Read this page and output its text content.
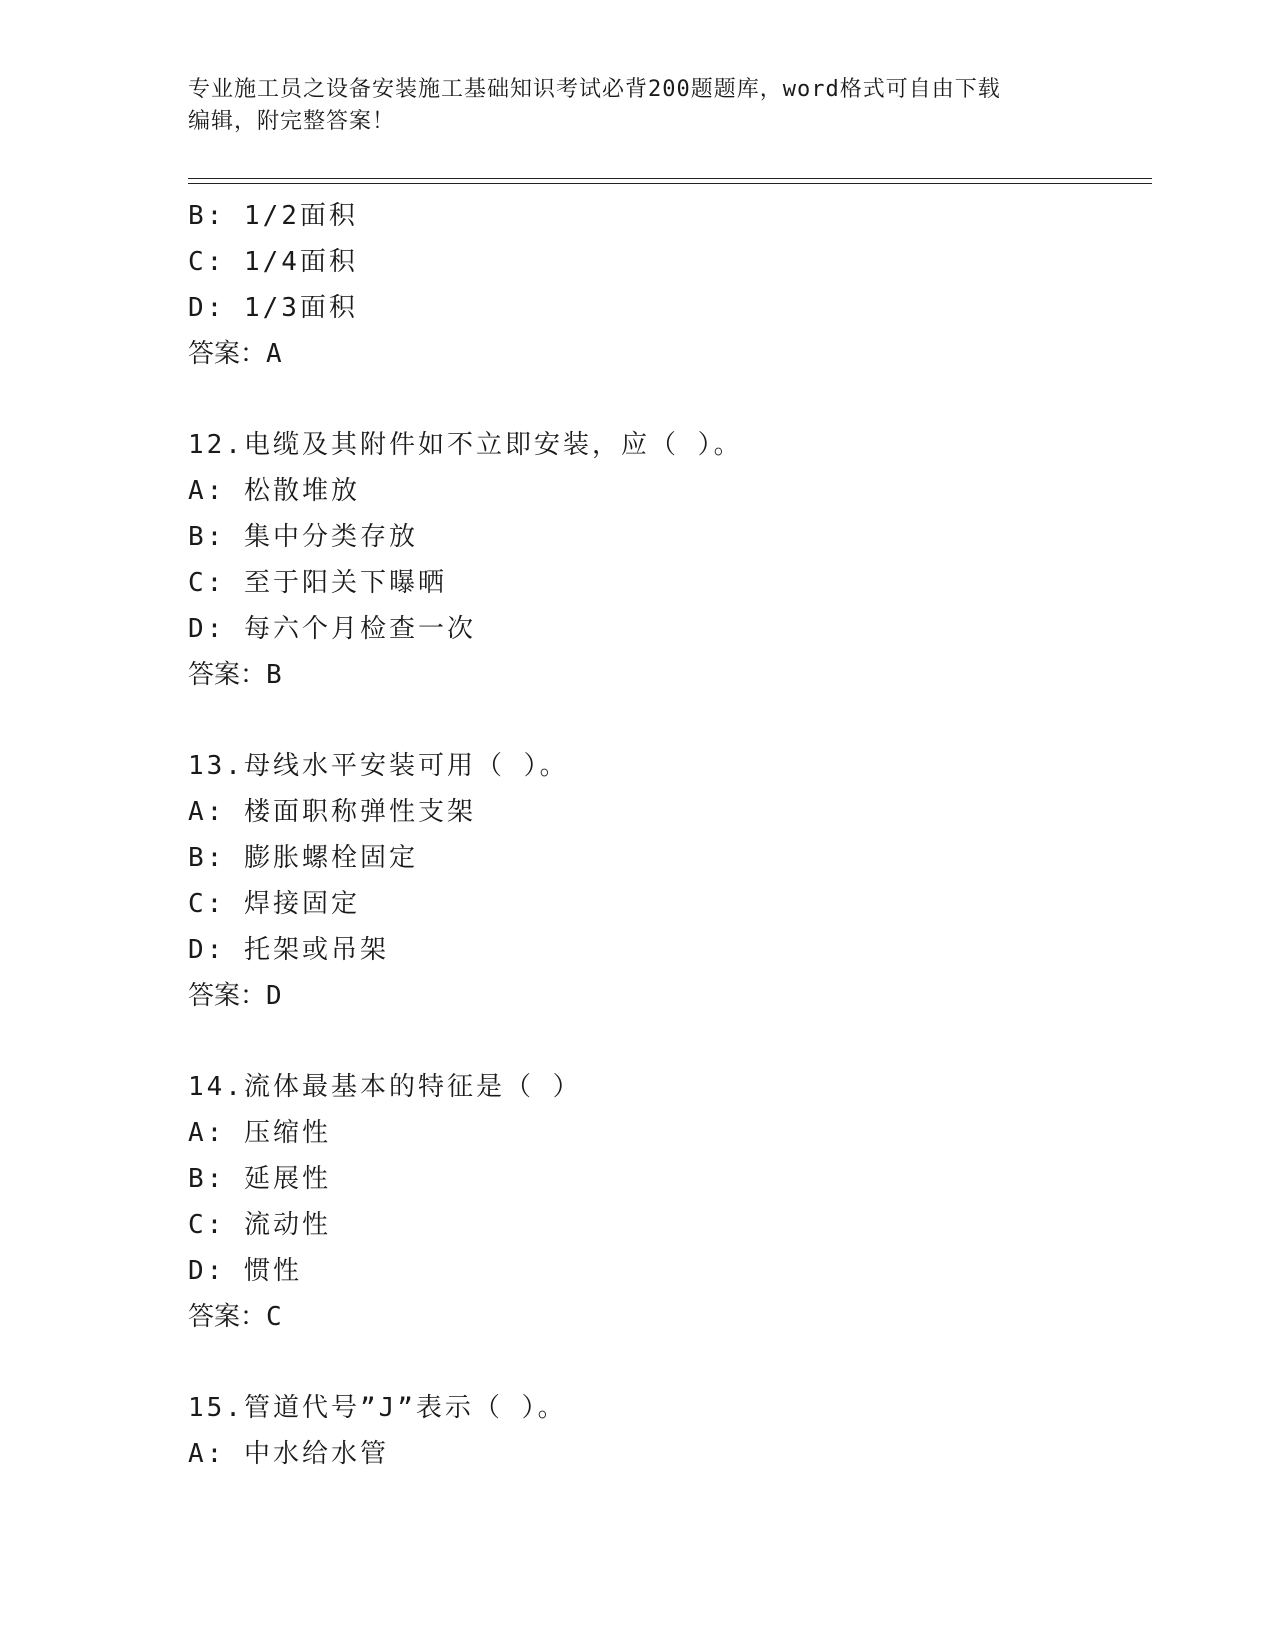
专业施工员之设备安装施工基础知识考试必背200题题库，word格式可自由下载
编辑，附完整答案！
B: 1/2面积
C: 1/4面积
D: 1/3面积
答案：A
12.电缆及其附件如不立即安装，应（ ）。
A: 松散堆放
B: 集中分类存放
C: 至于阳关下曝晒
D: 每六个月检查一次
答案：B
13.母线水平安装可用（ ）。
A: 楼面职称弹性支架
B: 膨胀螺栓固定
C: 焊接固定
D: 托架或吊架
答案：D
14.流体最基本的特征是（ ）
A: 压缩性
B: 延展性
C: 流动性
D: 惯性
答案：C
15.管道代号”J”表示（ ）。
A: 中水给水管
